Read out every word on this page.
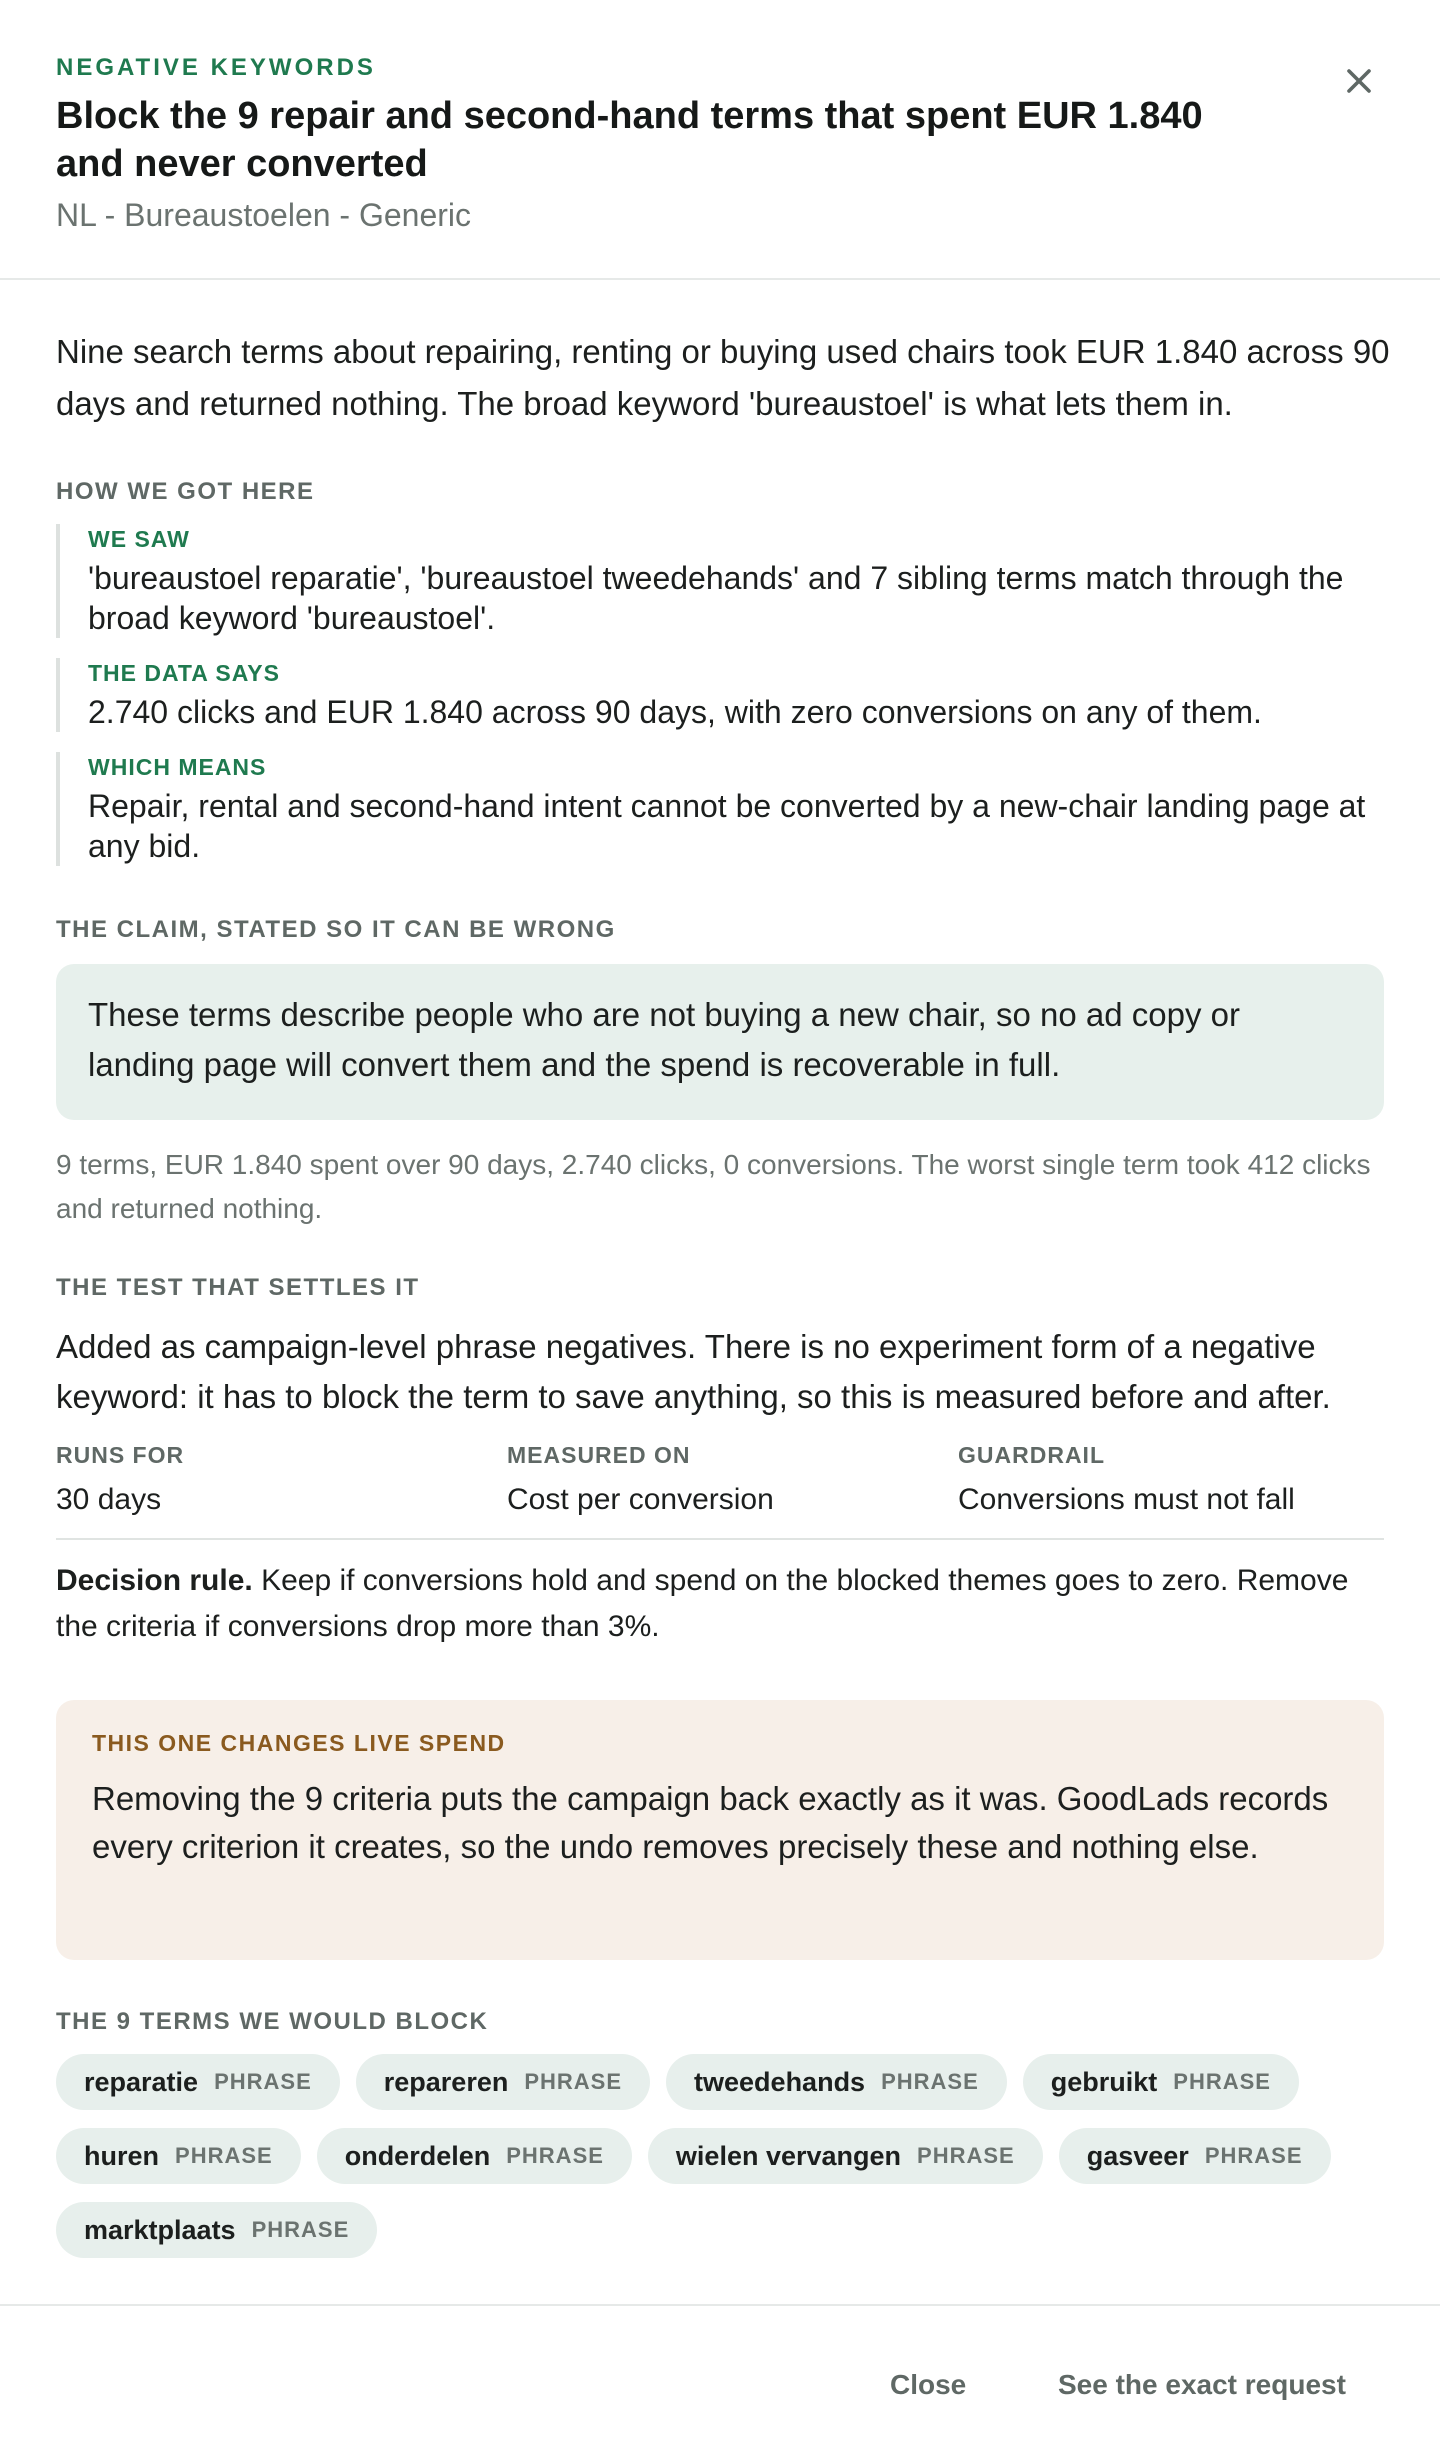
NEGATIVE KEYWORDS
Block the 9 repair and second-hand terms that spent EUR 1.840 and never converted
NL - Bureaustoelen - Generic
Nine search terms about repairing, renting or buying used chairs took EUR 1.840 across 90 days and returned nothing. The broad keyword 'bureaustoel' is what lets them in.
HOW WE GOT HERE
WE SAW
'bureaustoel reparatie', 'bureaustoel tweedehands' and 7 sibling terms match through the broad keyword 'bureaustoel'.
THE DATA SAYS
2.740 clicks and EUR 1.840 across 90 days, with zero conversions on any of them.
WHICH MEANS
Repair, rental and second-hand intent cannot be converted by a new-chair landing page at any bid.
THE CLAIM, STATED SO IT CAN BE WRONG
These terms describe people who are not buying a new chair, so no ad copy or landing page will convert them and the spend is recoverable in full.
9 terms, EUR 1.840 spent over 90 days, 2.740 clicks, 0 conversions. The worst single term took 412 clicks and returned nothing.
THE TEST THAT SETTLES IT
Added as campaign-level phrase negatives. There is no experiment form of a negative keyword: it has to block the term to save anything, so this is measured before and after.
RUNS FOR
30 days
MEASURED ON
Cost per conversion
GUARDRAIL
Conversions must not fall
Decision rule. Keep if conversions hold and spend on the blocked themes goes to zero. Remove the criteria if conversions drop more than 3%.
THIS ONE CHANGES LIVE SPEND
Removing the 9 criteria puts the campaign back exactly as it was. GoodLads records every criterion it creates, so the undo removes precisely these and nothing else.
THE 9 TERMS WE WOULD BLOCK
reparatie PHRASE	repareren PHRASE	tweedehands PHRASE	gebruikt PHRASE
huren PHRASE	onderdelen PHRASE	wielen vervangen PHRASE	gasveer PHRASE
marktplaats PHRASE
Close	See the exact request
